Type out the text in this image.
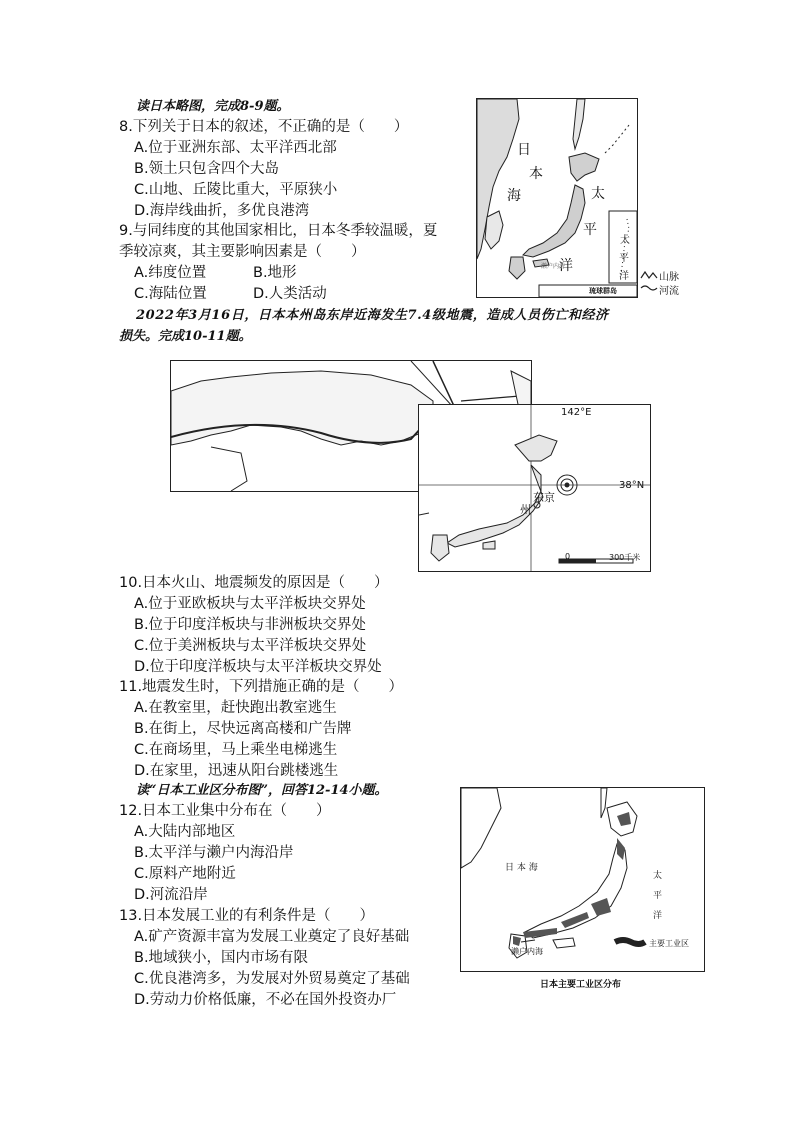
读日本略图，完成8-9题。
8.下列关于日本的叙述，不正确的是（　　）
A.位于亚洲东部、太平洋西北部
B.领土只包含四个大岛
C.山地、丘陵比重大，平原狭小
D.海岸线曲折，多优良港湾
9.与同纬度的其他国家相比，日本冬季较温暖，夏
季较凉爽，其主要影响因素是（　　）
A.纬度位置	B.地形
C.海陆位置	D.人类活动
2022年3月16日，日本本州岛东岸近海发生7.4级地震，造成人员伤亡和经济
损失。完成10-11题。
10.日本火山、地震频发的原因是（　　）
A.位于亚欧板块与太平洋板块交界处
B.位于印度洋板块与非洲板块交界处
C.位于美洲板块与太平洋板块交界处
D.位于印度洋板块与太平洋板块交界处
11.地震发生时，下列措施正确的是（　　）
A.在教室里，赶快跑出教室逃生
B.在街上，尽快远离高楼和广告牌
C.在商场里，马上乘坐电梯逃生
D.在家里，迅速从阳台跳楼逃生
读“日本工业区分布图”，回答12-14小题。
12.日本工业集中分布在（　　）
A.大陆内部地区
B.太平洋与濑户内海沿岸
C.原料产地附近
D.河流沿岸
13.日本发展工业的有利条件是（　　）
A.矿产资源丰富为发展工业奠定了良好基础
B.地域狭小，国内市场有限
C.优良港湾多，为发展对外贸易奠定了基础
D.劳动力价格低廉，不必在国外投资办厂
日
本
海	太
平
洋
太
平
洋
濑户内海
琉球群岛
山脉
河流
142°E
38°N
东京
州
0	300千米
日 本 海
太
平
洋
濑户内海
主要工业区
日本主要工业区分布
